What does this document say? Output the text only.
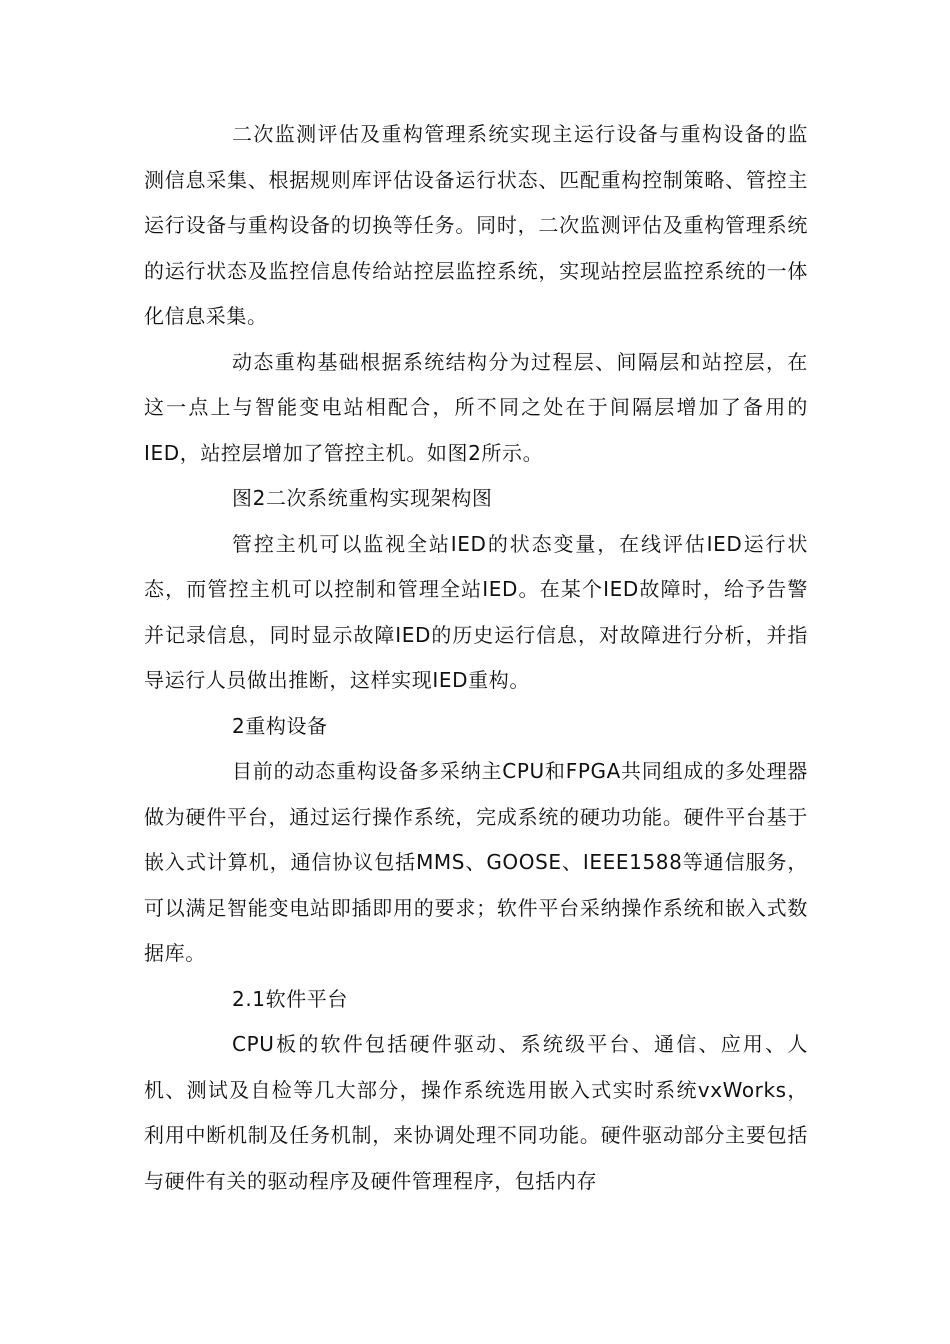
二次监测评估及重构管理系统实现主运行设备与重构设备的监测信息采集、根据规则库评估设备运行状态、匹配重构控制策略、管控主运行设备与重构设备的切换等任务。同时，二次监测评估及重构管理系统的运行状态及监控信息传给站控层监控系统，实现站控层监控系统的一体化信息采集。

动态重构基础根据系统结构分为过程层、间隔层和站控层，在这一点上与智能变电站相配合，所不同之处在于间隔层增加了备用的IED，站控层增加了管控主机。如图2所示。

图2二次系统重构实现架构图

管控主机可以监视全站IED的状态变量，在线评估IED运行状态，而管控主机可以控制和管理全站IED。在某个IED故障时，给予告警并记录信息，同时显示故障IED的历史运行信息，对故障进行分析，并指导运行人员做出推断，这样实现IED重构。

2重构设备

目前的动态重构设备多采纳主CPU和FPGA共同组成的多处理器做为硬件平台，通过运行操作系统，完成系统的硬功功能。硬件平台基于嵌入式计算机，通信协议包括MMS、GOOSE、IEEE1588等通信服务，可以满足智能变电站即插即用的要求；软件平台采纳操作系统和嵌入式数据库。

2.1软件平台

CPU板的软件包括硬件驱动、系统级平台、通信、应用、人机、测试及自检等几大部分，操作系统选用嵌入式实时系统vxWorks，利用中断机制及任务机制，来协调处理不同功能。硬件驱动部分主要包括与硬件有关的驱动程序及硬件管理程序，包括内存
